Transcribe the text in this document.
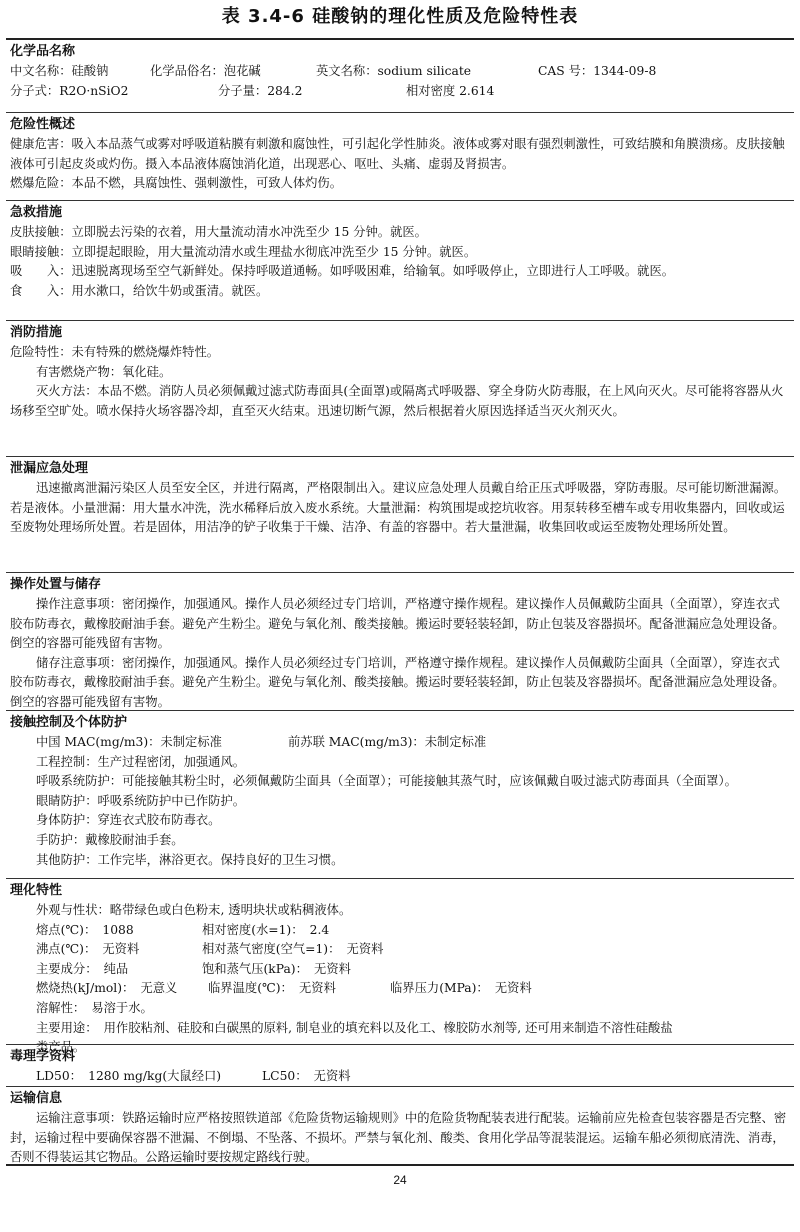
表 3.4-6 硅酸钠的理化性质及危险特性表
化学品名称
中文名称：硅酸钠	化学品俗名：泡花碱	英文名称：sodium silicate	CAS 号：1344-09-8
分子式：R2O·nSiO2	分子量：284.2	相对密度 2.614
危险性概述
健康危害：吸入本品蒸气或雾对呼吸道粘膜有刺激和腐蚀性，可引起化学性肺炎。液体或雾对眼有强烈刺激性，可致结膜和角膜溃疡。皮肤接触液体可引起皮炎或灼伤。摄入本品液体腐蚀消化道，出现恶心、呕吐、头痛、虚弱及肾损害。
燃爆危险：本品不燃，具腐蚀性、强刺激性，可致人体灼伤。
急救措施
皮肤接触：立即脱去污染的衣着，用大量流动清水冲洗至少 15 分钟。就医。
眼睛接触：立即提起眼睑，用大量流动清水或生理盐水彻底冲洗至少 15 分钟。就医。
吸　　入：迅速脱离现场至空气新鲜处。保持呼吸道通畅。如呼吸困难，给输氧。如呼吸停止，立即进行人工呼吸。就医。
食　　入：用水漱口，给饮牛奶或蛋清。就医。
消防措施
危险特性：未有特殊的燃烧爆炸特性。
有害燃烧产物：氧化硅。
灭火方法：本品不燃。消防人员必须佩戴过滤式防毒面具(全面罩)或隔离式呼吸器、穿全身防火防毒服，在上风向灭火。尽可能将容器从火场移至空旷处。喷水保持火场容器冷却，直至灭火结束。迅速切断气源，然后根据着火原因选择适当灭火剂灭火。
泄漏应急处理
迅速撤离泄漏污染区人员至安全区，并进行隔离，严格限制出入。建议应急处理人员戴自给正压式呼吸器，穿防毒服。尽可能切断泄漏源。若是液体。小量泄漏：用大量水冲洗，洗水稀释后放入废水系统。大量泄漏：构筑围堤或挖坑收容。用泵转移至槽车或专用收集器内，回收或运至废物处理场所处置。若是固体，用洁净的铲子收集于干燥、洁净、有盖的容器中。若大量泄漏，收集回收或运至废物处理场所处置。
操作处置与储存
操作注意事项：密闭操作，加强通风。操作人员必须经过专门培训，严格遵守操作规程。建议操作人员佩戴防尘面具（全面罩），穿连衣式胶布防毒衣，戴橡胶耐油手套。避免产生粉尘。避免与氧化剂、酸类接触。搬运时要轻装轻卸，防止包装及容器损坏。配备泄漏应急处理设备。倒空的容器可能残留有害物。
储存注意事项：密闭操作，加强通风。操作人员必须经过专门培训，严格遵守操作规程。建议操作人员佩戴防尘面具（全面罩），穿连衣式胶布防毒衣，戴橡胶耐油手套。避免产生粉尘。避免与氧化剂、酸类接触。搬运时要轻装轻卸，防止包装及容器损坏。配备泄漏应急处理设备。倒空的容器可能残留有害物。
接触控制及个体防护
中国 MAC(mg/m3)：未制定标准	前苏联 MAC(mg/m3)：未制定标准
工程控制：生产过程密闭，加强通风。
呼吸系统防护：可能接触其粉尘时，必须佩戴防尘面具（全面罩）；可能接触其蒸气时，应该佩戴自吸过滤式防毒面具（全面罩）。
眼睛防护：呼吸系统防护中已作防护。
身体防护：穿连衣式胶布防毒衣。
手防护：戴橡胶耐油手套。
其他防护：工作完毕，淋浴更衣。保持良好的卫生习惯。
理化特性
外观与性状：略带绿色或白色粉末, 透明块状或粘稠液体。
熔点(℃)：　1088	相对密度(水=1)：　2.4
沸点(℃)：　无资料	相对蒸气密度(空气=1)：　无资料
主要成分：　纯品	饱和蒸气压(kPa)：　无资料
燃烧热(kJ/mol)：　无意义	临界温度(℃)：　无资料	临界压力(MPa)：　无资料
溶解性：　易溶于水。
主要用途：　用作胶粘剂、硅胶和白碳黑的原料, 制皂业的填充料以及化工、橡胶防水剂等, 还可用来制造不溶性硅酸盐类产品。
毒理学资料
LD50：　1280 mg/kg(大鼠经口)	LC50：　无资料
运输信息
运输注意事项：铁路运输时应严格按照铁道部《危险货物运输规则》中的危险货物配装表进行配装。运输前应先检查包装容器是否完整、密封，运输过程中要确保容器不泄漏、不倒塌、不坠落、不损坏。严禁与氧化剂、酸类、食用化学品等混装混运。运输车船必须彻底清洗、消毒，否则不得装运其它物品。公路运输时要按规定路线行驶。
24
